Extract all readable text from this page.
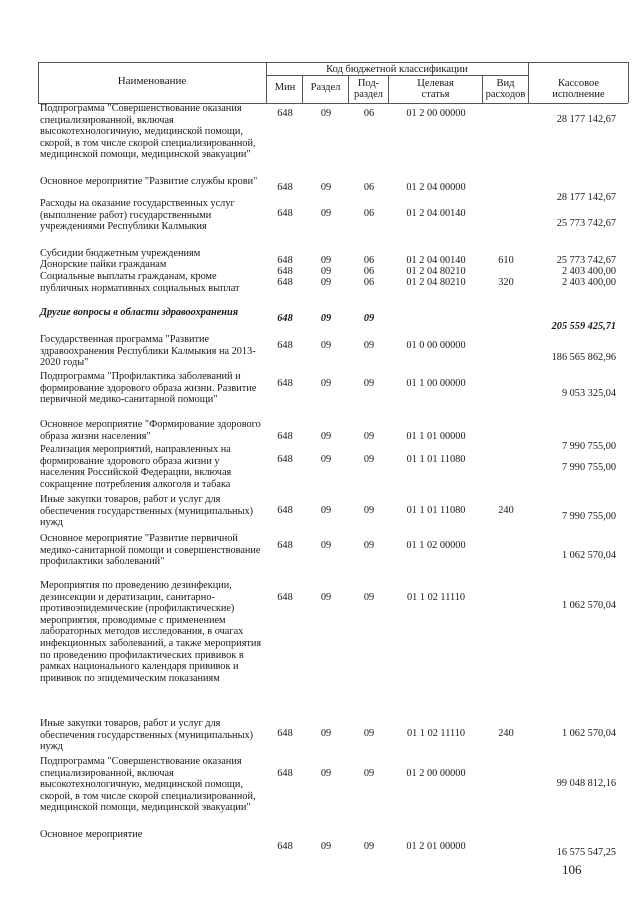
Наименование
Код бюджетной классификации
Мин	Раздел	Под-
раздел
Целевая
статья
Вид
расходов
Кассовое
исполнение
Подпрограмма "Совершенствование оказания специализированной, включая высокотехнологичную, медицинской помощи, скорой, в том числе скорой специализированной, медицинской помощи, медицинской эвакуации"
648	09	06	01 2 00 00000
28 177 142,67
Основное мероприятие "Развитие службы крови"
648	09	06	01 2 04 00000
28 177 142,67
Расходы на оказание государственных услуг (выполнение работ) государственными учреждениями Республики Калмыкия
648	09	06	01 2 04 00140
25 773 742,67
Субсидии бюджетным учреждениям
648	09	06	01 2 04 00140	610	25 773 742,67
Донорские пайки гражданам
648	09	06	01 2 04 80210	2 403 400,00
Социальные выплаты гражданам, кроме публичных нормативных социальных выплат
648	09	06	01 2 04 80210	320	2 403 400,00
Другие вопросы в области здравоохранения
648	09	09
205 559 425,71
Государственная программа "Развитие здравоохранения Республики Калмыкия на 2013-2020 годы"
648	09	09	01 0 00 00000
186 565 862,96
Подпрограмма "Профилактика заболеваний и формирование здорового образа жизни. Развитие первичной медико-санитарной помощи"
648	09	09	01 1 00 00000
9 053 325,04
Основное мероприятие "Формирование здорового образа жизни населения"	648	09	09	01 1 01 00000
7 990 755,00
Реализация мероприятий, направленных на формирование здорового образа жизни у населения Российской Федерации, включая сокращение потребления алкоголя и табака
648	09	09	01 1 01 11080
7 990 755,00
Иные закупки товаров, работ и услуг для обеспечения государственных (муниципальных) нужд
648	09	09	01 1 01 11080	240
7 990 755,00
Основное мероприятие "Развитие первичной медико-санитарной помощи и совершенствование профилактики заболеваний"
648	09	09	01 1 02 00000
1 062 570,04
Мероприятия по проведению дезинфекции, дезинсекции и дератизации, санитарно-противоэпидемические (профилактические) мероприятия, проводимые с применением лабораторных методов исследования, в очагах инфекционных заболеваний, а также мероприятия по проведению профилактических прививок в рамках национального календаря прививок и прививок по эпидемическим показаниям
648	09	09	01 1 02 11110
1 062 570,04
Иные закупки товаров, работ и услуг для обеспечения государственных (муниципальных) нужд
648	09	09	01 1 02 11110	240	1 062 570,04
Подпрограмма "Совершенствование оказания специализированной, включая высокотехнологичную, медицинской помощи, скорой, в том числе скорой специализированной, медицинской помощи, медицинской эвакуации"
648	09	09	01 2 00 00000
99 048 812,16
Основное мероприятие
648	09	09	01 2 01 00000
16 575 547,25
106
